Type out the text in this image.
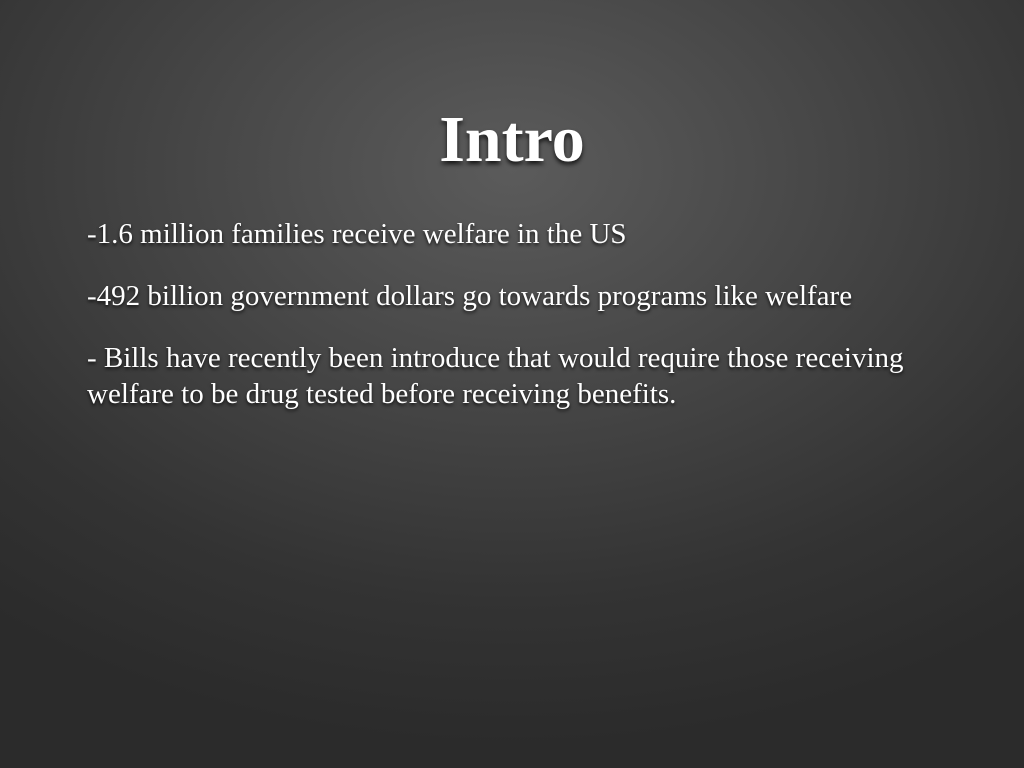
Intro
-1.6 million families receive welfare in the US
-492 billion government dollars go towards programs like welfare
- Bills have recently been introduce that would require those receiving welfare to be drug tested before receiving benefits.
